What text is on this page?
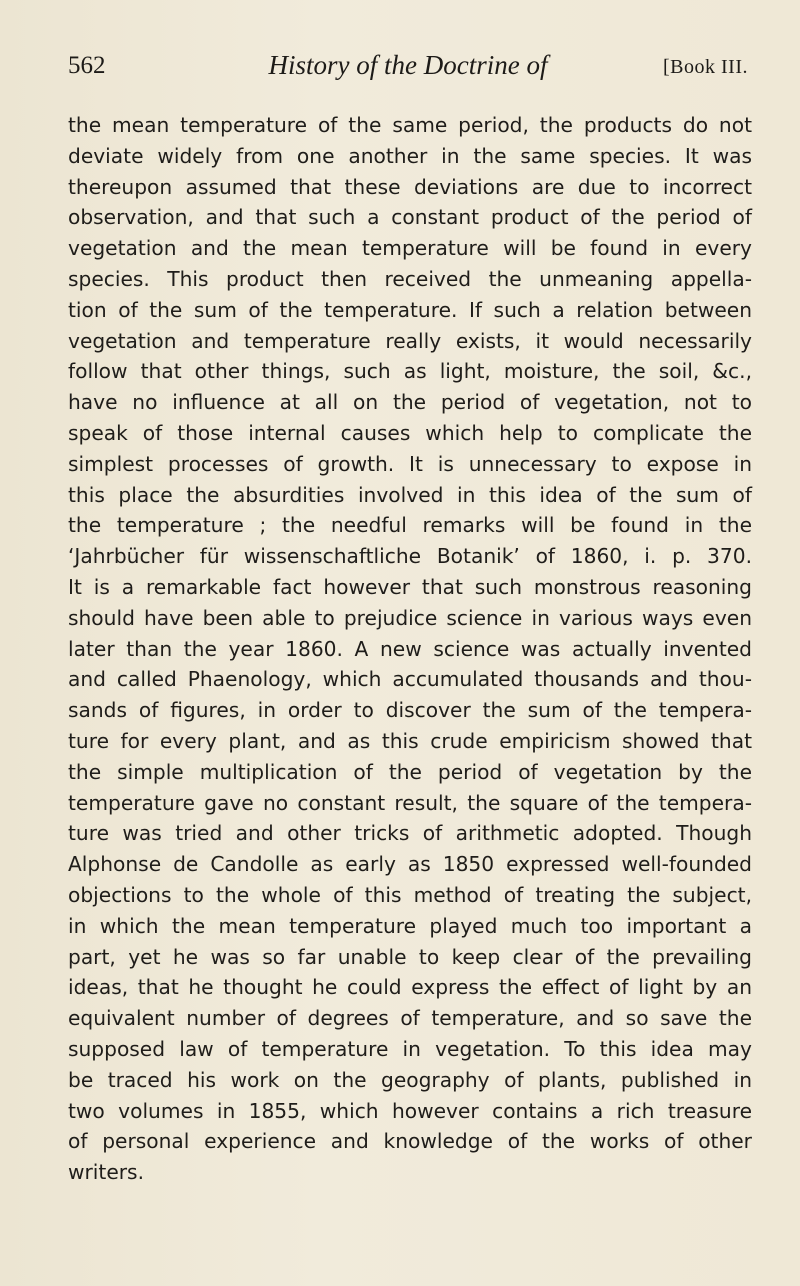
562	History of the Doctrine of	[Book III.
the mean temperature of the same period, the products do not
deviate widely from one another in the same species. It was
thereupon assumed that these deviations are due to incorrect
observation, and that such a constant product of the period of
vegetation and the mean temperature will be found in every
species. This product then received the unmeaning appella-
tion of the sum of the temperature. If such a relation between
vegetation and temperature really exists, it would necessarily
follow that other things, such as light, moisture, the soil, &c.,
have no influence at all on the period of vegetation, not to
speak of those internal causes which help to complicate the
simplest processes of growth. It is unnecessary to expose in
this place the absurdities involved in this idea of the sum of
the temperature ; the needful remarks will be found in the
‘Jahrbücher für wissenschaftliche Botanik’ of 1860, i. p. 370.
It is a remarkable fact however that such monstrous reasoning
should have been able to prejudice science in various ways even
later than the year 1860. A new science was actually invented
and called Phaenology, which accumulated thousands and thou-
sands of figures, in order to discover the sum of the tempera-
ture for every plant, and as this crude empiricism showed that
the simple multiplication of the period of vegetation by the
temperature gave no constant result, the square of the tempera-
ture was tried and other tricks of arithmetic adopted. Though
Alphonse de Candolle as early as 1850 expressed well-founded
objections to the whole of this method of treating the subject,
in which the mean temperature played much too important a
part, yet he was so far unable to keep clear of the prevailing
ideas, that he thought he could express the effect of light by an
equivalent number of degrees of temperature, and so save the
supposed law of temperature in vegetation. To this idea may
be traced his work on the geography of plants, published in
two volumes in 1855, which however contains a rich treasure
of personal experience and knowledge of the works of other
writers.
